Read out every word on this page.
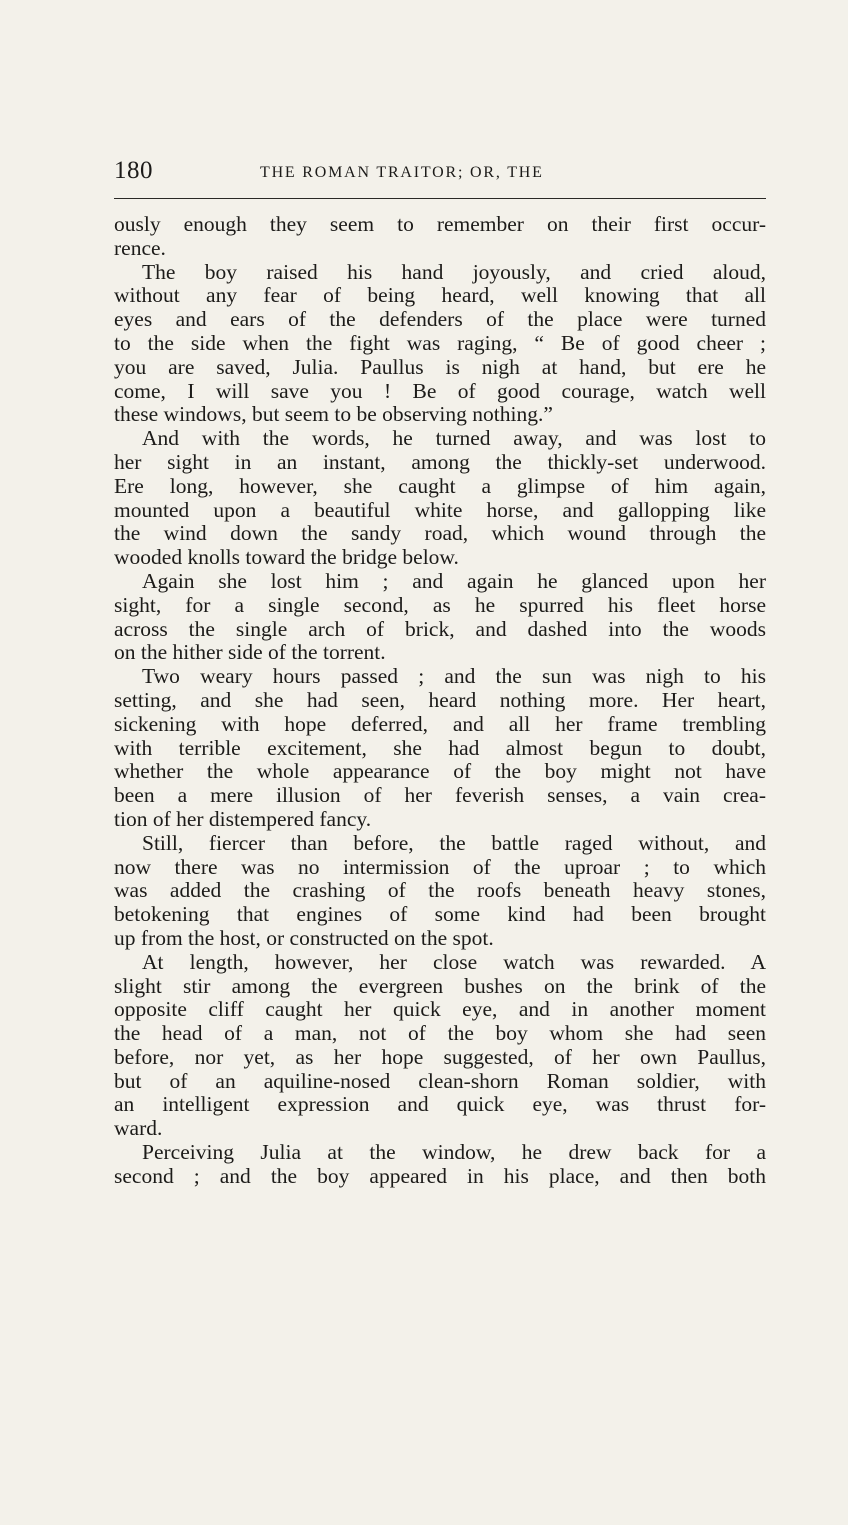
180	THE ROMAN TRAITOR; OR, THE
ously enough they seem to remember on their first occur-
rence.
The boy raised his hand joyously, and cried aloud,
without any fear of being heard, well knowing that all
eyes and ears of the defenders of the place were turned
to the side when the fight was raging, “ Be of good cheer ;
you are saved, Julia. Paullus is nigh at hand, but ere he
come, I will save you ! Be of good courage, watch well
these windows, but seem to be observing nothing.”
And with the words, he turned away, and was lost to
her sight in an instant, among the thickly-set underwood.
Ere long, however, she caught a glimpse of him again,
mounted upon a beautiful white horse, and gallopping like
the wind down the sandy road, which wound through the
wooded knolls toward the bridge below.
Again she lost him ; and again he glanced upon her
sight, for a single second, as he spurred his fleet horse
across the single arch of brick, and dashed into the woods
on the hither side of the torrent.
Two weary hours passed ; and the sun was nigh to his
setting, and she had seen, heard nothing more. Her heart,
sickening with hope deferred, and all her frame trembling
with terrible excitement, she had almost begun to doubt,
whether the whole appearance of the boy might not have
been a mere illusion of her feverish senses, a vain crea-
tion of her distempered fancy.
Still, fiercer than before, the battle raged without, and
now there was no intermission of the uproar ; to which
was added the crashing of the roofs beneath heavy stones,
betokening that engines of some kind had been brought
up from the host, or constructed on the spot.
At length, however, her close watch was rewarded. A
slight stir among the evergreen bushes on the brink of the
opposite cliff caught her quick eye, and in another moment
the head of a man, not of the boy whom she had seen
before, nor yet, as her hope suggested, of her own Paullus,
but of an aquiline-nosed clean-shorn Roman soldier, with
an intelligent expression and quick eye, was thrust for-
ward.
Perceiving Julia at the window, he drew back for a
second ; and the boy appeared in his place, and then both
